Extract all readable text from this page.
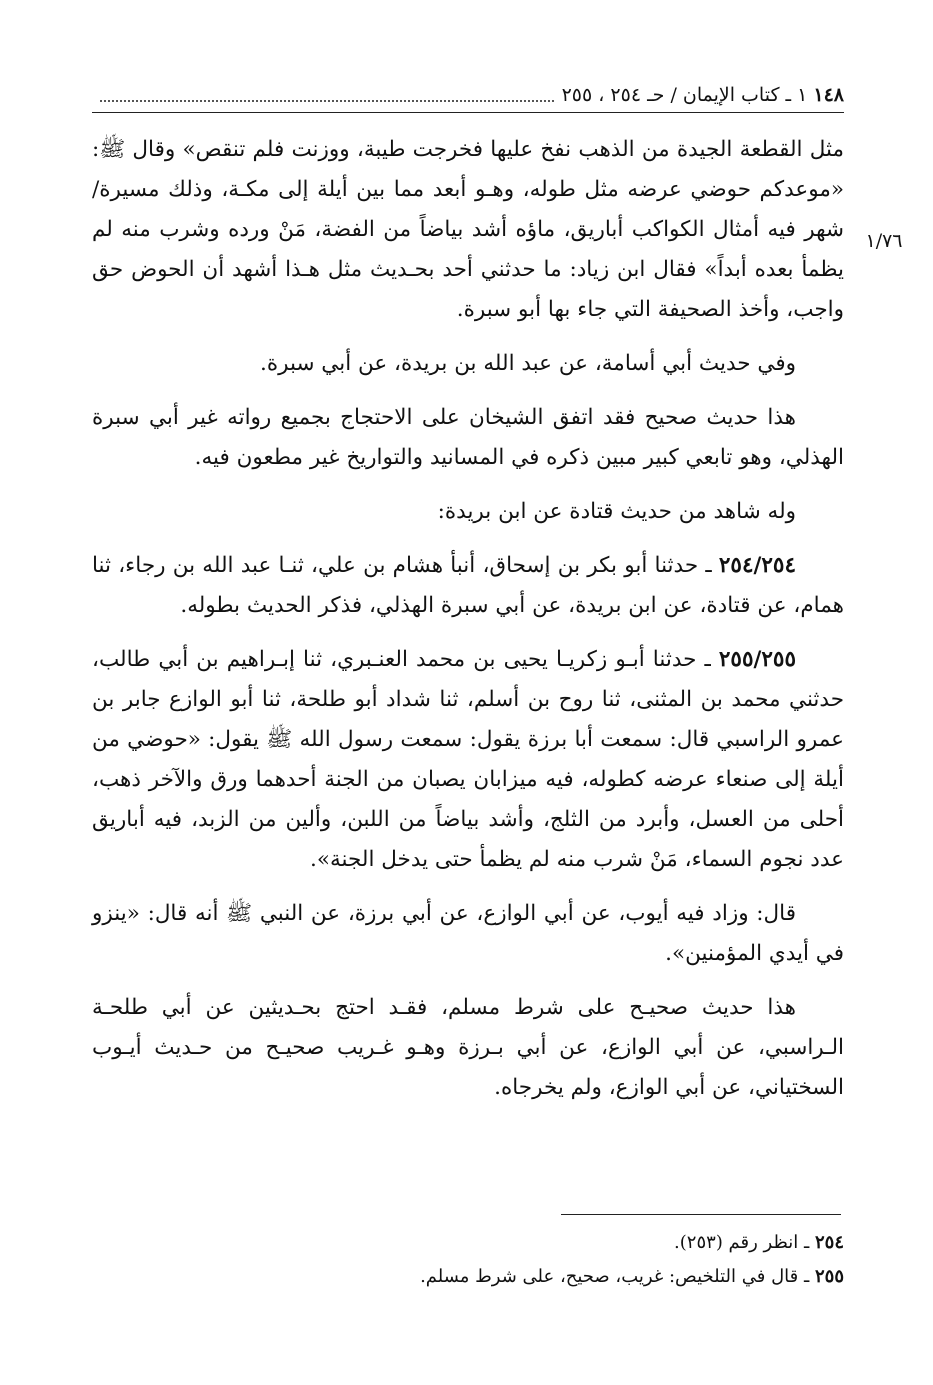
١٤٨
١ ـ كتاب الإيمان / حـ ٢٥٤ ، ٢٥٥
١/٧٦

مثل القطعة الجيدة من الذهب نفخ عليها فخرجت طيبة، ووزنت فلم تنقص» وقال ﷺ: «موعدكم حوضي عرضه مثل طوله، وهـو أبعد مما بين أيلة إلى مكـة، وذلك مسيرة/شهر فيه أمثال الكواكب أباريق، ماؤه أشد بياضاً من الفضة، مَنْ ورده وشرب منه لم يظمأ بعده أبداً» فقال ابن زياد: ما حدثني أحد بحـديث مثل هـذا أشهد أن الحوض حق واجب، وأخذ الصحيفة التي جاء بها أبو سبرة.

وفي حديث أبي أسامة، عن عبد الله بن بريدة، عن أبي سبرة.

هذا حديث صحيح فقد اتفق الشيخان على الاحتجاج بجميع رواته غير أبي سبرة الهذلي، وهو تابعي كبير مبين ذكره في المسانيد والتواريخ غير مطعون فيه.

وله شاهد من حديث قتادة عن ابن بريدة:

٢٥٤/٢٥٤ ـ حدثنا أبو بكر بن إسحاق، أنبأ هشام بن علي، ثنـا عبد الله بن رجاء، ثنا همام، عن قتادة، عن ابن بريدة، عن أبي سبرة الهذلي، فذكر الحديث بطوله.

٢٥٥/٢٥٥ ـ حدثنا أبـو زكريـا يحيى بن محمد العنـبري، ثنا إبـراهيم بن أبي طالب، حدثني محمد بن المثنى، ثنا روح بن أسلم، ثنا شداد أبو طلحة، ثنا أبو الوازع جابر بن عمرو الراسبي قال: سمعت أبا برزة يقول: سمعت رسول الله ﷺ يقول: «حوضي من أيلة إلى صنعاء عرضه كطوله، فيه ميزابان يصبان من الجنة أحدهما ورق والآخر ذهب، أحلى من العسل، وأبرد من الثلج، وأشد بياضاً من اللبن، وألين من الزبد، فيه أباريق عدد نجوم السماء، مَنْ شرب منه لم يظمأ حتى يدخل الجنة».

قال: وزاد فيه أيوب، عن أبي الوازع، عن أبي برزة، عن النبي ﷺ أنه قال: «ينزو في أيدي المؤمنين».

هذا حديث صحيـح على شرط مسلم، فقـد احتج بحـديثين عن أبي طلحـة الـراسبي، عن أبي الوازع، عن أبي بـرزة وهـو غـريب صحيـح من حـديث أيـوب السختياني، عن أبي الوازع، ولم يخرجاه.

٢٥٤ ـ انظر رقم (٢٥٣).

٢٥٥ ـ قال في التلخيص: غريب، صحيح، على شرط مسلم.
